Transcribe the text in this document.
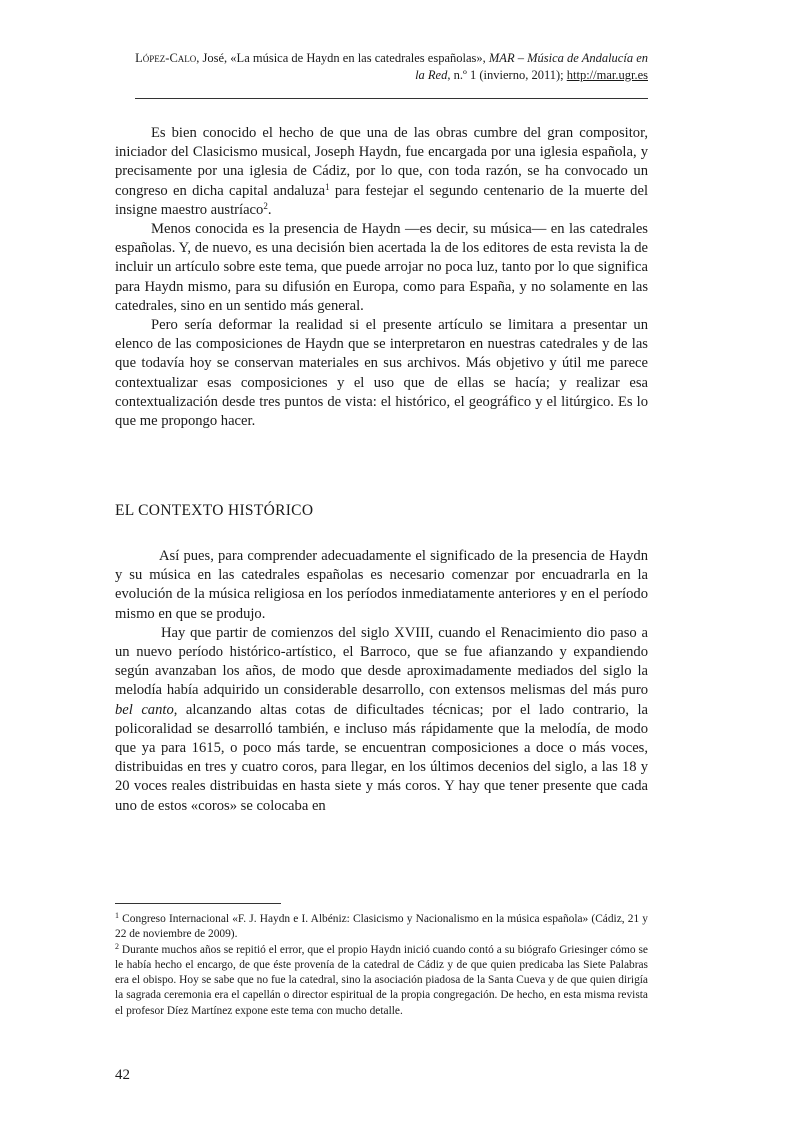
López-Calo, José, «La música de Haydn en las catedrales españolas», MAR – Música de Andalucía en la Red, n.º 1 (invierno, 2011); http://mar.ugr.es

Es bien conocido el hecho de que una de las obras cumbre del gran compositor, iniciador del Clasicismo musical, Joseph Haydn, fue encargada por una iglesia española, y precisamente por una iglesia de Cádiz, por lo que, con toda razón, se ha convocado un congreso en dicha capital andaluza$^1$ para festejar el segundo centenario de la muerte del insigne maestro austríaco$^2$.

Menos conocida es la presencia de Haydn —es decir, su música— en las catedrales españolas. Y, de nuevo, es una decisión bien acertada la de los editores de esta revista la de incluir un artículo sobre este tema, que puede arrojar no poca luz, tanto por lo que significa para Haydn mismo, para su difusión en Europa, como para España, y no solamente en las catedrales, sino en un sentido más general.

Pero sería deformar la realidad si el presente artículo se limitara a presentar un elenco de las composiciones de Haydn que se interpretaron en nuestras catedrales y de las que todavía hoy se conservan materiales en sus archivos. Más objetivo y útil me parece contextualizar esas composiciones y el uso que de ellas se hacía; y realizar esa contextualización desde tres puntos de vista: el histórico, el geográfico y el litúrgico. Es lo que me propongo hacer.

EL CONTEXTO HISTÓRICO

Así pues, para comprender adecuadamente el significado de la presencia de Haydn y su música en las catedrales españolas es necesario comenzar por encuadrarla en la evolución de la música religiosa en los períodos inmediatamente anteriores y en el período mismo en que se produjo.

Hay que partir de comienzos del siglo XVIII, cuando el Renacimiento dio paso a un nuevo período histórico-artístico, el Barroco, que se fue afianzando y expandiendo según avanzaban los años, de modo que desde aproximadamente mediados del siglo la melodía había adquirido un considerable desarrollo, con extensos melismas del más puro bel canto, alcanzando altas cotas de dificultades técnicas; por el lado contrario, la policoralidad se desarrolló también, e incluso más rápidamente que la melodía, de modo que ya para 1615, o poco más tarde, se encuentran composiciones a doce o más voces, distribuidas en tres y cuatro coros, para llegar, en los últimos decenios del siglo, a las 18 y 20 voces reales distribuidas en hasta siete y más coros. Y hay que tener presente que cada uno de estos «coros» se colocaba en

$^1$ Congreso Internacional «F. J. Haydn e I. Albéniz: Clasicismo y Nacionalismo en la música española» (Cádiz, 21 y 22 de noviembre de 2009).

$^2$ Durante muchos años se repitió el error, que el propio Haydn inició cuando contó a su biógrafo Griesinger cómo se le había hecho el encargo, de que éste provenía de la catedral de Cádiz y de que quien predicaba las Siete Palabras era el obispo. Hoy se sabe que no fue la catedral, sino la asociación piadosa de la Santa Cueva y de que quien dirigía la sagrada ceremonia era el capellán o director espiritual de la propia congregación. De hecho, en esta misma revista el profesor Díez Martínez expone este tema con mucho detalle.

42
